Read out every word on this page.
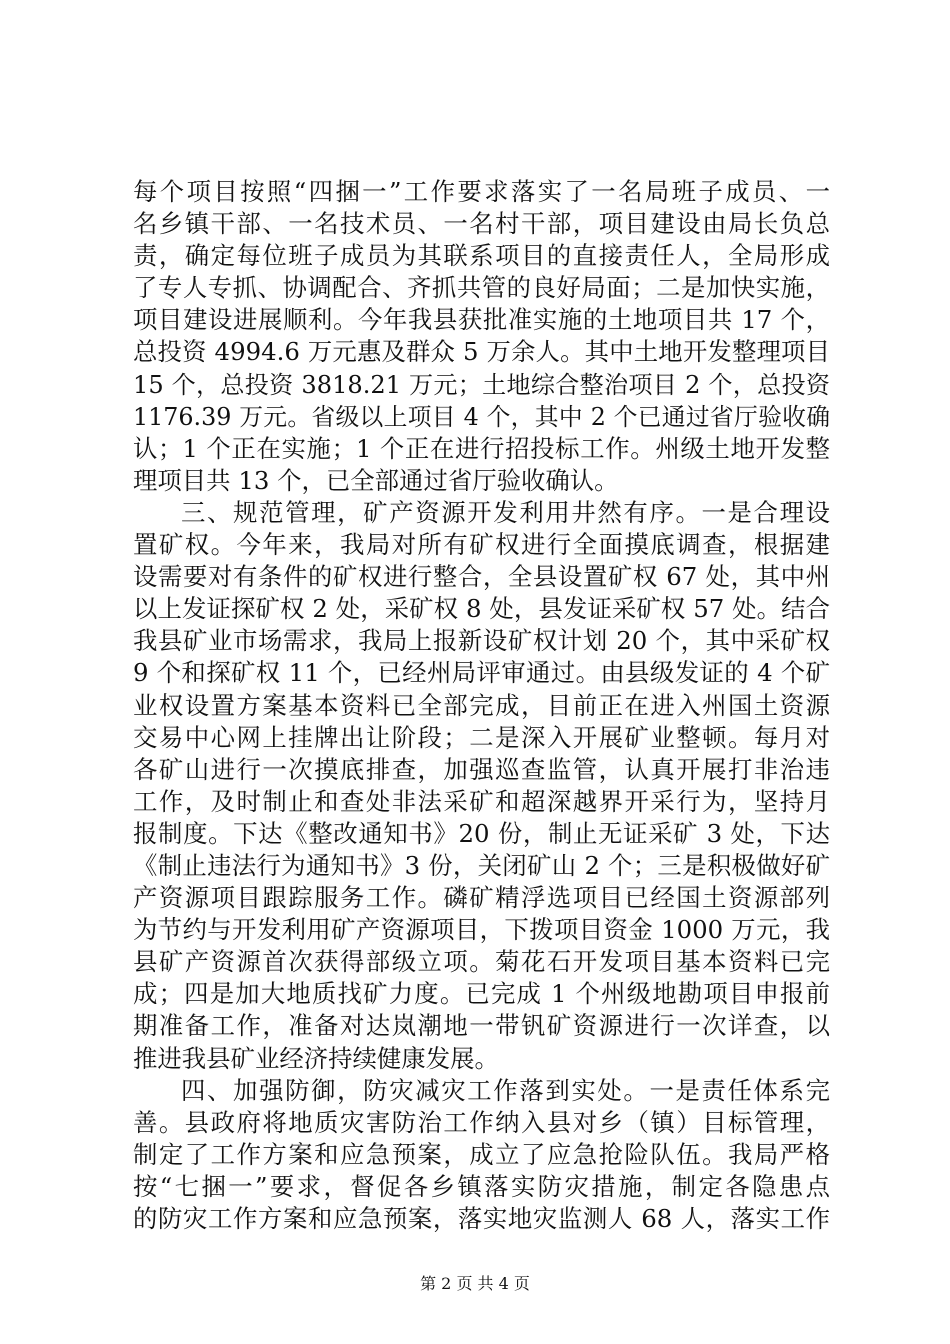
每个项目按照“四捆一”工作要求落实了一名局班子成员、一
名乡镇干部、一名技术员、一名村干部，项目建设由局长负总
责，确定每位班子成员为其联系项目的直接责任人，全局形成
了专人专抓、协调配合、齐抓共管的良好局面；二是加快实施，
项目建设进展顺利。今年我县获批准实施的土地项目共 17 个，
总投资 4994.6 万元惠及群众 5 万余人。其中土地开发整理项目
15 个，总投资 3818.21 万元；土地综合整治项目 2 个，总投资
1176.39 万元。省级以上项目 4 个，其中 2 个已通过省厅验收确
认；1 个正在实施；1 个正在进行招投标工作。州级土地开发整
理项目共 13 个，已全部通过省厅验收确认。
三、规范管理，矿产资源开发利用井然有序。一是合理设
置矿权。今年来，我局对所有矿权进行全面摸底调查，根据建
设需要对有条件的矿权进行整合，全县设置矿权 67 处，其中州
以上发证探矿权 2 处，采矿权 8 处，县发证采矿权 57 处。结合
我县矿业市场需求，我局上报新设矿权计划 20 个，其中采矿权
9 个和探矿权 11 个，已经州局评审通过。由县级发证的 4 个矿
业权设置方案基本资料已全部完成，目前正在进入州国土资源
交易中心网上挂牌出让阶段；二是深入开展矿业整顿。每月对
各矿山进行一次摸底排查，加强巡查监管，认真开展打非治违
工作，及时制止和查处非法采矿和超深越界开采行为，坚持月
报制度。下达《整改通知书》20 份，制止无证采矿 3 处，下达
《制止违法行为通知书》3 份，关闭矿山 2 个；三是积极做好矿
产资源项目跟踪服务工作。磷矿精浮选项目已经国土资源部列
为节约与开发利用矿产资源项目，下拨项目资金 1000 万元，我
县矿产资源首次获得部级立项。菊花石开发项目基本资料已完
成；四是加大地质找矿力度。已完成 1 个州级地勘项目申报前
期准备工作，准备对达岚潮地一带钒矿资源进行一次详查，以
推进我县矿业经济持续健康发展。
四、加强防御，防灾减灾工作落到实处。一是责任体系完
善。县政府将地质灾害防治工作纳入县对乡（镇）目标管理，
制定了工作方案和应急预案，成立了应急抢险队伍。我局严格
按“七捆一”要求，督促各乡镇落实防灾措施，制定各隐患点
的防灾工作方案和应急预案，落实地灾监测人 68 人，落实工作
第 2 页 共 4 页
